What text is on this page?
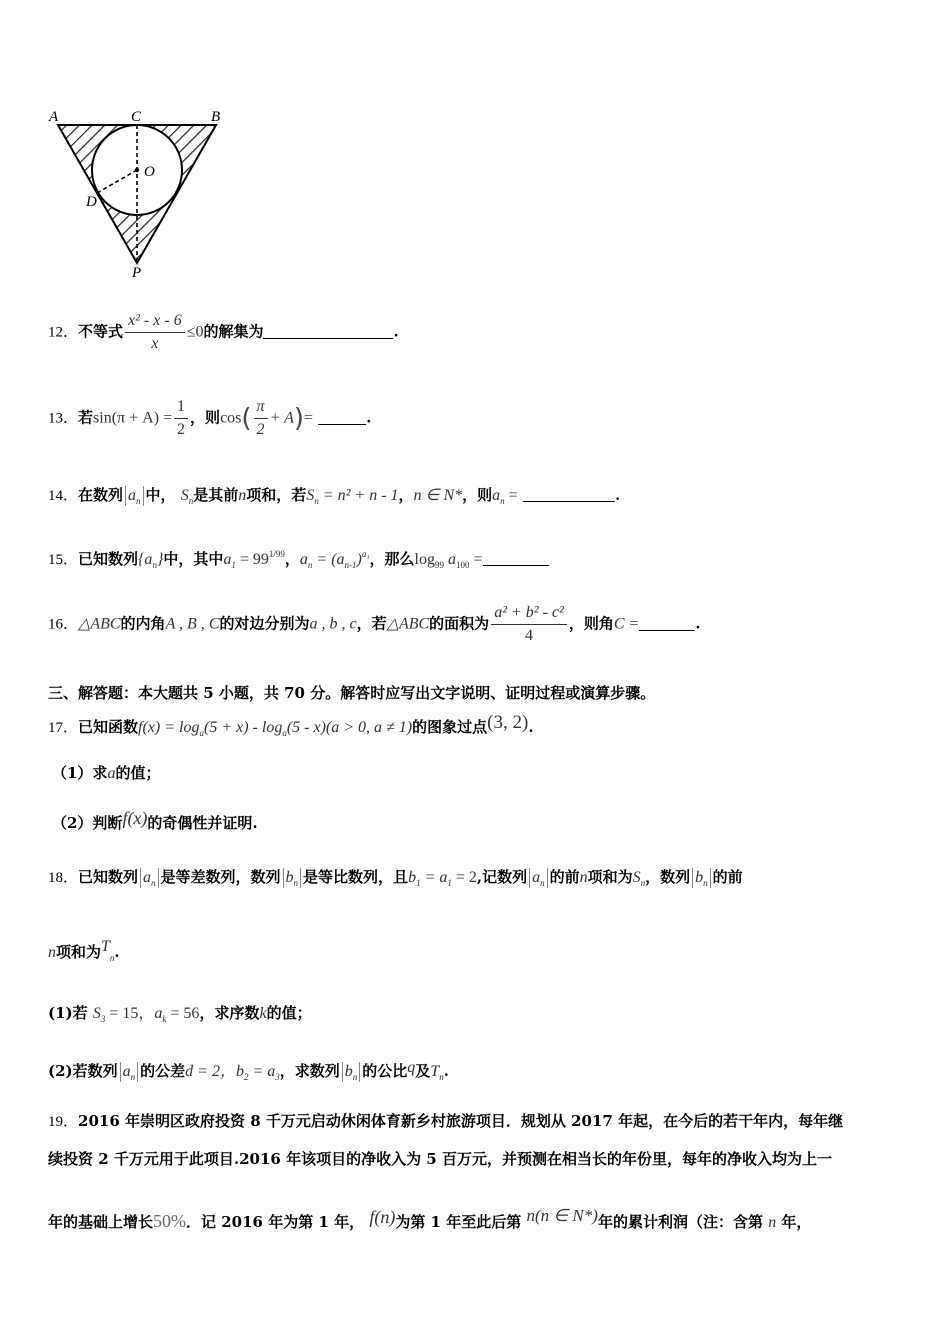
A	C	B
O
D
P
12．不等式 $\frac{\text{x² - x - 6}}{x} \le 0$的解集为	.
13．若$\sin(\pi + A) = \frac{1}{2}$ ，则$\cos( \frac{\pi}{2} + A)=$	.
14．在数列 $a_n$ 中， $S_n$是其前n项和，若$S_n = n^2 + n - 1$，n ∈ N*，则$a_n$ =	.
15．已知数列$\{a_n\}$中，其中$a_1 = 99^{1/99}$，$a_n = (a_{n-1})^{a_1}$，那么$\log_{99} a_{100}$ =
16．△ABC的内角A , B , C的对边分别为a , b , c，若△ABC的面积为 $\frac{\text{a² + b² - c²}}{4}$ ，则角C =	.
三、解答题：本大题共 5 小题，共 70 分。解答时应写出文字说明、证明过程或演算步骤。
17．已知函数$f(x) = \log_a(5 + x) - \log_a(5 - x)(a > 0$, a ≠ 1)的图象过点(3, 2).
（1）求a的值；
（2）判断f(x)的奇偶性并证明.
18．已知数列 $a_n$ 是等差数列，数列 $b_n$ 是等比数列，且$b_1 = a_1 = 2$,记数列 $a_n$ 的前n项和为$S_n$，数列 $b_n$ 的前
n项和为$T_n$.
(1)若 $S_3 = 15$，$a_k = 56$，求序数k的值；
(2)若数列 $a_n$ 的公差d = 2，$b_2 = a_3$，求数列 $b_n$ 的公比q及$T_n$.
19．2016 年崇明区政府投资 8 千万元启动休闲体育新乡村旅游项目．规划从 2017 年起，在今后的若干年内，每年继
续投资 2 千万元用于此项目.2016 年该项目的净收入为 5 百万元，并预测在相当长的年份里，每年的净收入均为上一
年的基础上增长50%．记 2016 年为第 1 年， f(n)为第 1 年至此后第 n(n ∈ N*)年的累计利润（注：含第 n 年，
